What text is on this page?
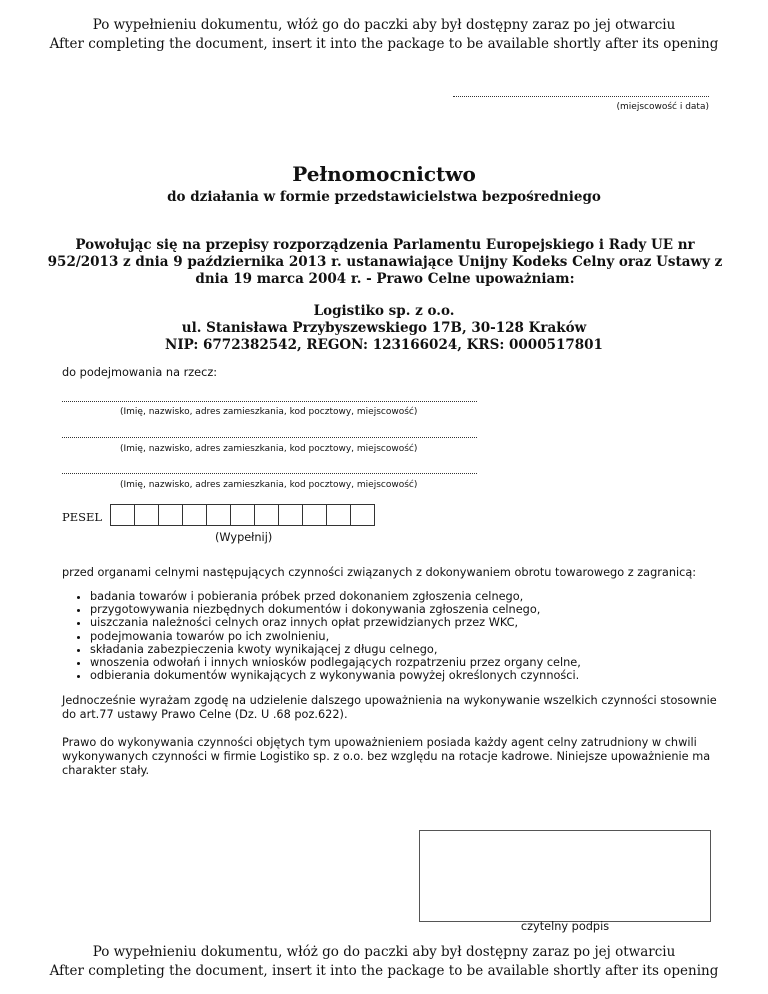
Po wypełnieniu dokumentu, włóż go do paczki aby był dostępny zaraz po jej otwarciu
After completing the document, insert it into the package to be available shortly after its opening
(miejscowość i data)
Pełnomocnictwo
do działania w formie przedstawicielstwa bezpośredniego
Powołując się na przepisy rozporządzenia Parlamentu Europejskiego i Rady UE nr 952/2013 z dnia 9 października 2013 r. ustanawiające Unijny Kodeks Celny oraz Ustawy z dnia 19 marca 2004 r. - Prawo Celne upoważniam:
Logistiko sp. z o.o.
ul. Stanisława Przybyszewskiego 17B, 30-128 Kraków
NIP: 6772382542, REGON: 123166024, KRS: 0000517801
do podejmowania na rzecz:
(Imię, nazwisko, adres zamieszkania, kod pocztowy, miejscowość)
(Imię, nazwisko, adres zamieszkania, kod pocztowy, miejscowość)
(Imię, nazwisko, adres zamieszkania, kod pocztowy, miejscowość)
PESEL
(Wypełnij)
przed organami celnymi następujących czynności związanych z dokonywaniem obrotu towarowego z zagranicą:
• badania towarów i pobierania próbek przed dokonaniem zgłoszenia celnego,
• przygotowywania niezbędnych dokumentów i dokonywania zgłoszenia celnego,
• uiszczania należności celnych oraz innych opłat przewidzianych przez WKC,
• podejmowania towarów po ich zwolnieniu,
• składania zabezpieczenia kwoty wynikającej z długu celnego,
• wnoszenia odwołań i innych wniosków podlegających rozpatrzeniu przez organy celne,
• odbierania dokumentów wynikających z wykonywania powyżej określonych czynności.
Jednocześnie wyrażam zgodę na udzielenie dalszego upoważnienia na wykonywanie wszelkich czynności stosownie do art.77 ustawy Prawo Celne (Dz. U .68 poz.622).
Prawo do wykonywania czynności objętych tym upoważnieniem posiada każdy agent celny zatrudniony w chwili wykonywanych czynności w firmie Logistiko sp. z o.o. bez względu na rotacje kadrowe. Niniejsze upoważnienie ma charakter stały.
czytelny podpis
Po wypełnieniu dokumentu, włóż go do paczki aby był dostępny zaraz po jej otwarciu
After completing the document, insert it into the package to be available shortly after its opening
